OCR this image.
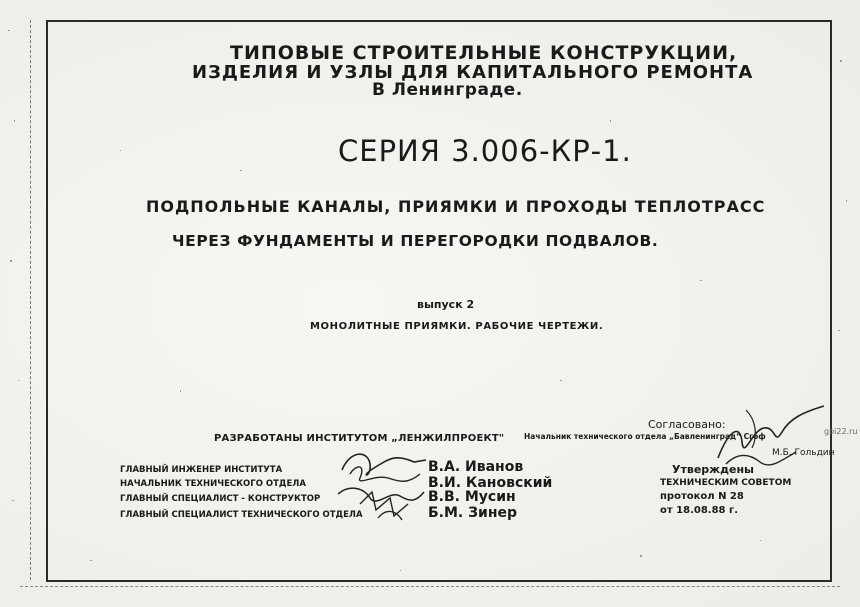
ТИПОВЫЕ СТРОИТЕЛЬНЫЕ КОНСТРУКЦИИ,
ИЗДЕЛИЯ И УЗЛЫ ДЛЯ КАПИТАЛЬНОГО РЕМОНТА
В Ленинграде.
СЕРИЯ 3.006-КР-1.
ПОДПОЛЬНЫЕ КАНАЛЫ, ПРИЯМКИ И ПРОХОДЫ ТЕПЛОТРАСС
ЧЕРЕЗ ФУНДАМЕНТЫ И ПЕРЕГОРОДКИ ПОДВАЛОВ.
выпуск 2
МОНОЛИТНЫЕ ПРИЯМКИ. РАБОЧИЕ ЧЕРТЕЖИ.
Согласовано:
РАЗРАБОТАНЫ ИНСТИТУТОМ „ЛЕНЖИЛПРОЕКТ"	Начальник технического отдела „Бавленинград“ Сгоф
ГЛАВНЫЙ ИНЖЕНЕР ИНСТИТУТА
НАЧАЛЬНИК ТЕХНИЧЕСКОГО ОТДЕЛА
ГЛАВНЫЙ СПЕЦИАЛИСТ - КОНСТРУКТОР
ГЛАВНЫЙ СПЕЦИАЛИСТ ТЕХНИЧЕСКОГО ОТДЕЛА
В.А. Иванов
В.И. Кановский
В.В. Мусин
Б.М. Зинер
Утверждены
ТЕХНИЧЕСКИМ СОВЕТОМ
протокол N 28
от 18.08.88 г.
М.Б. Гольдин
gbi22.ru
